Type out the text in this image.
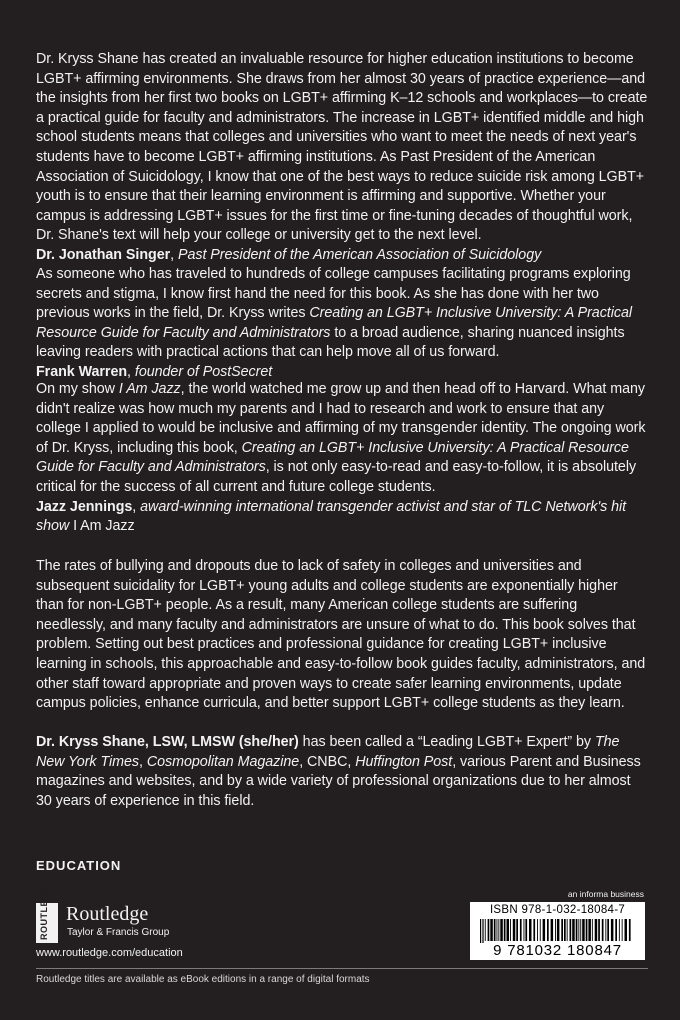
Dr. Kryss Shane has created an invaluable resource for higher education institutions to become LGBT+ affirming environments. She draws from her almost 30 years of practice experience—and the insights from her first two books on LGBT+ affirming K–12 schools and workplaces—to create a practical guide for faculty and administrators. The increase in LGBT+ identified middle and high school students means that colleges and universities who want to meet the needs of next year's students have to become LGBT+ affirming institutions. As Past President of the American Association of Suicidology, I know that one of the best ways to reduce suicide risk among LGBT+ youth is to ensure that their learning environment is affirming and supportive. Whether your campus is addressing LGBT+ issues for the first time or fine-tuning decades of thoughtful work, Dr. Shane's text will help your college or university get to the next level.

Dr. Jonathan Singer, Past President of the American Association of Suicidology

As someone who has traveled to hundreds of college campuses facilitating programs exploring secrets and stigma, I know first hand the need for this book. As she has done with her two previous works in the field, Dr. Kryss writes Creating an LGBT+ Inclusive University: A Practical Resource Guide for Faculty and Administrators to a broad audience, sharing nuanced insights leaving readers with practical actions that can help move all of us forward.

Frank Warren, founder of PostSecret

On my show I Am Jazz, the world watched me grow up and then head off to Harvard. What many didn't realize was how much my parents and I had to research and work to ensure that any college I applied to would be inclusive and affirming of my transgender identity. The ongoing work of Dr. Kryss, including this book, Creating an LGBT+ Inclusive University: A Practical Resource Guide for Faculty and Administrators, is not only easy-to-read and easy-to-follow, it is absolutely critical for the success of all current and future college students.

Jazz Jennings, award-winning international transgender activist and star of TLC Network's hit show I Am Jazz

The rates of bullying and dropouts due to lack of safety in colleges and universities and subsequent suicidality for LGBT+ young adults and college students are exponentially higher than for non-LGBT+ people. As a result, many American college students are suffering needlessly, and many faculty and administrators are unsure of what to do. This book solves that problem. Setting out best practices and professional guidance for creating LGBT+ inclusive learning in schools, this approachable and easy-to-follow book guides faculty, administrators, and other staff toward appropriate and proven ways to create safer learning environments, update campus policies, enhance curricula, and better support LGBT+ college students as they learn.

Dr. Kryss Shane, LSW, LMSW (she/her) has been called a “Leading LGBT+ Expert” by The New York Times, Cosmopolitan Magazine, CNBC, Huffington Post, various Parent and Business magazines and websites, and by a wide variety of professional organizations due to her almost 30 years of experience in this field.

EDUCATION

ROUTLEDGE Routledge
Taylor & Francis Group
www.routledge.com/education
an informa business
ISBN 978-1-032-18084-7
9 781032 180847
Routledge titles are available as eBook editions in a range of digital formats
